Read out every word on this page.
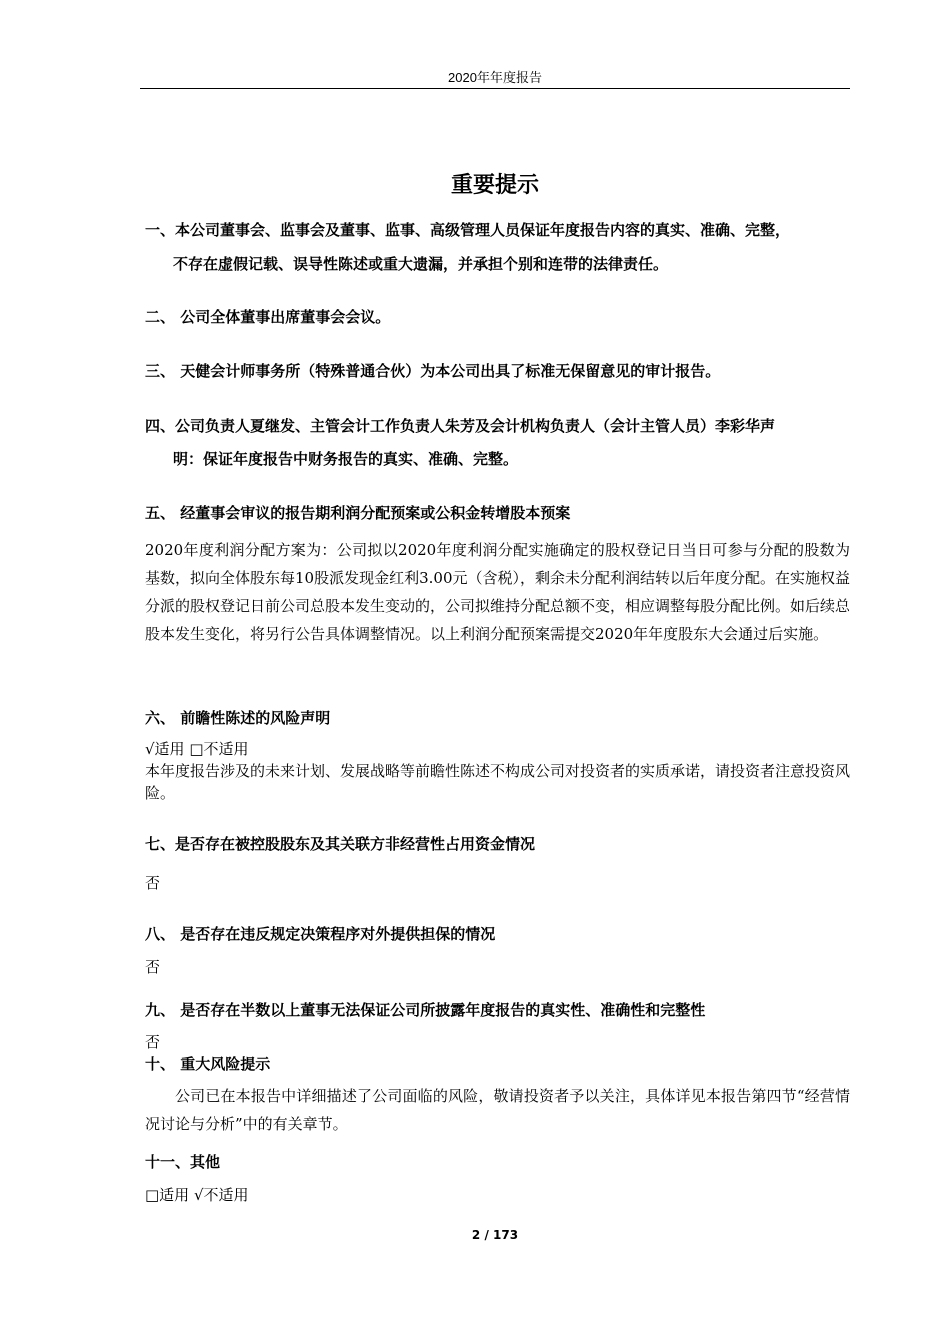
2020年年度报告
重要提示
一、本公司董事会、监事会及董事、监事、高级管理人员保证年度报告内容的真实、准确、完整，
不存在虚假记载、误导性陈述或重大遗漏，并承担个别和连带的法律责任。
二、 公司全体董事出席董事会会议。
三、 天健会计师事务所（特殊普通合伙）为本公司出具了标准无保留意见的审计报告。
四、公司负责人夏继发、主管会计工作负责人朱芳及会计机构负责人（会计主管人员）李彩华声
明：保证年度报告中财务报告的真实、准确、完整。
五、 经董事会审议的报告期利润分配预案或公积金转增股本预案
2020年度利润分配方案为：公司拟以2020年度利润分配实施确定的股权登记日当日可参与分配的股数为基数，拟向全体股东每10股派发现金红利3.00元（含税），剩余未分配利润结转以后年度分配。在实施权益分派的股权登记日前公司总股本发生变动的，公司拟维持分配总额不变，相应调整每股分配比例。如后续总股本发生变化，将另行公告具体调整情况。以上利润分配预案需提交2020年年度股东大会通过后实施。
六、 前瞻性陈述的风险声明
√适用 □不适用
本年度报告涉及的未来计划、发展战略等前瞻性陈述不构成公司对投资者的实质承诺，请投资者注意投资风险。
七、是否存在被控股股东及其关联方非经营性占用资金情况
否
八、 是否存在违反规定决策程序对外提供担保的情况
否
九、 是否存在半数以上董事无法保证公司所披露年度报告的真实性、准确性和完整性
否
十、 重大风险提示
公司已在本报告中详细描述了公司面临的风险，敬请投资者予以关注，具体详见本报告第四节“经营情况讨论与分析”中的有关章节。
十一、其他
□适用 √不适用
2 / 173
